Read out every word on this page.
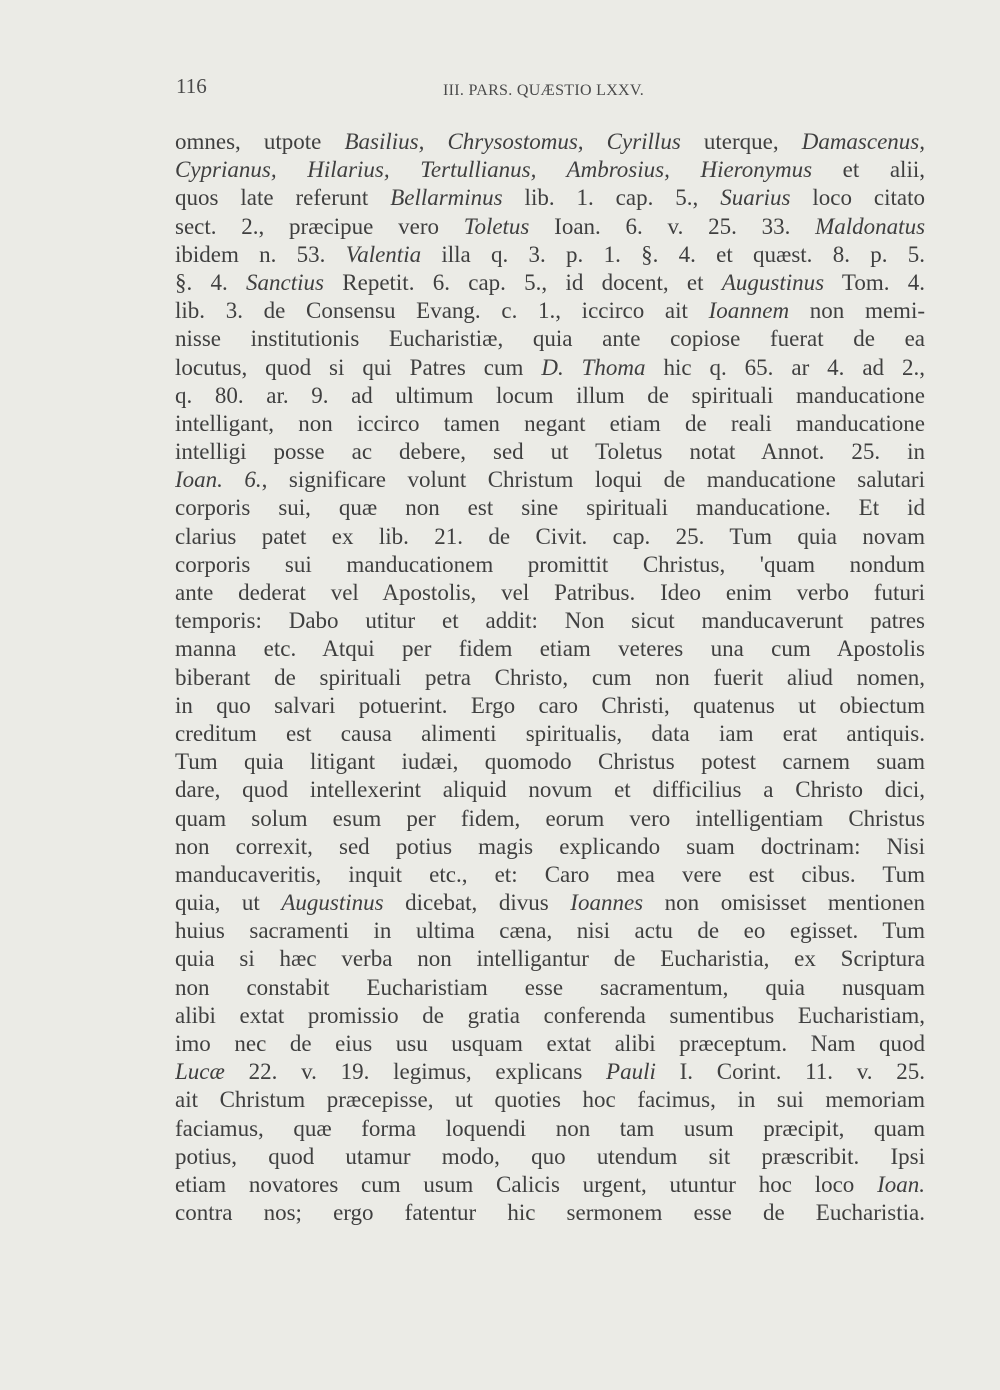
116	III. PARS. QUÆSTIO LXXV.
omnes, utpote Basilius, Chrysostomus, Cyrillus uterque, Damascenus,
Cyprianus, Hilarius, Tertullianus, Ambrosius, Hieronymus et alii,
quos late referunt Bellarminus lib. 1. cap. 5., Suarius loco citato
sect. 2., præcipue vero Toletus Ioan. 6. v. 25. 33. Maldonatus
ibidem n. 53. Valentia illa q. 3. p. 1. §. 4. et quæst. 8. p. 5.
§. 4. Sanctius Repetit. 6. cap. 5., id docent, et Augustinus Tom. 4.
lib. 3. de Consensu Evang. c. 1., iccirco ait Ioannem non memi-
nisse institutionis Eucharistiæ, quia ante copiose fuerat de ea
locutus, quod si qui Patres cum D. Thoma hic q. 65. ar 4. ad 2.,
q. 80. ar. 9. ad ultimum locum illum de spirituali manducatione
intelligant, non iccirco tamen negant etiam de reali manducatione
intelligi posse ac debere, sed ut Toletus notat Annot. 25. in
Ioan. 6., significare volunt Christum loqui de manducatione salutari
corporis sui, quæ non est sine spirituali manducatione. Et id
clarius patet ex lib. 21. de Civit. cap. 25. Tum quia novam
corporis sui manducationem promittit Christus, 'quam nondum
ante dederat vel Apostolis, vel Patribus. Ideo enim verbo futuri
temporis: Dabo utitur et addit: Non sicut manducaverunt patres
manna etc. Atqui per fidem etiam veteres una cum Apostolis
biberant de spirituali petra Christo, cum non fuerit aliud nomen,
in quo salvari potuerint. Ergo caro Christi, quatenus ut obiectum
creditum est causa alimenti spiritualis, data iam erat antiquis.
Tum quia litigant iudæi, quomodo Christus potest carnem suam
dare, quod intellexerint aliquid novum et difficilius a Christo dici,
quam solum esum per fidem, eorum vero intelligentiam Christus
non correxit, sed potius magis explicando suam doctrinam: Nisi
manducaveritis, inquit etc., et: Caro mea vere est cibus. Tum
quia, ut Augustinus dicebat, divus Ioannes non omisisset mentionen
huius sacramenti in ultima cæna, nisi actu de eo egisset. Tum
quia si hæc verba non intelligantur de Eucharistia, ex Scriptura
non constabit Eucharistiam esse sacramentum, quia nusquam
alibi extat promissio de gratia conferenda sumentibus Eucharistiam,
imo nec de eius usu usquam extat alibi præceptum. Nam quod
Lucæ 22. v. 19. legimus, explicans Pauli I. Corint. 11. v. 25.
ait Christum præcepisse, ut quoties hoc facimus, in sui memoriam
faciamus, quæ forma loquendi non tam usum præcipit, quam
potius, quod utamur modo, quo utendum sit præscribit. Ipsi
etiam novatores cum usum Calicis urgent, utuntur hoc loco Ioan.
contra nos; ergo fatentur hic sermonem esse de Eucharistia.
